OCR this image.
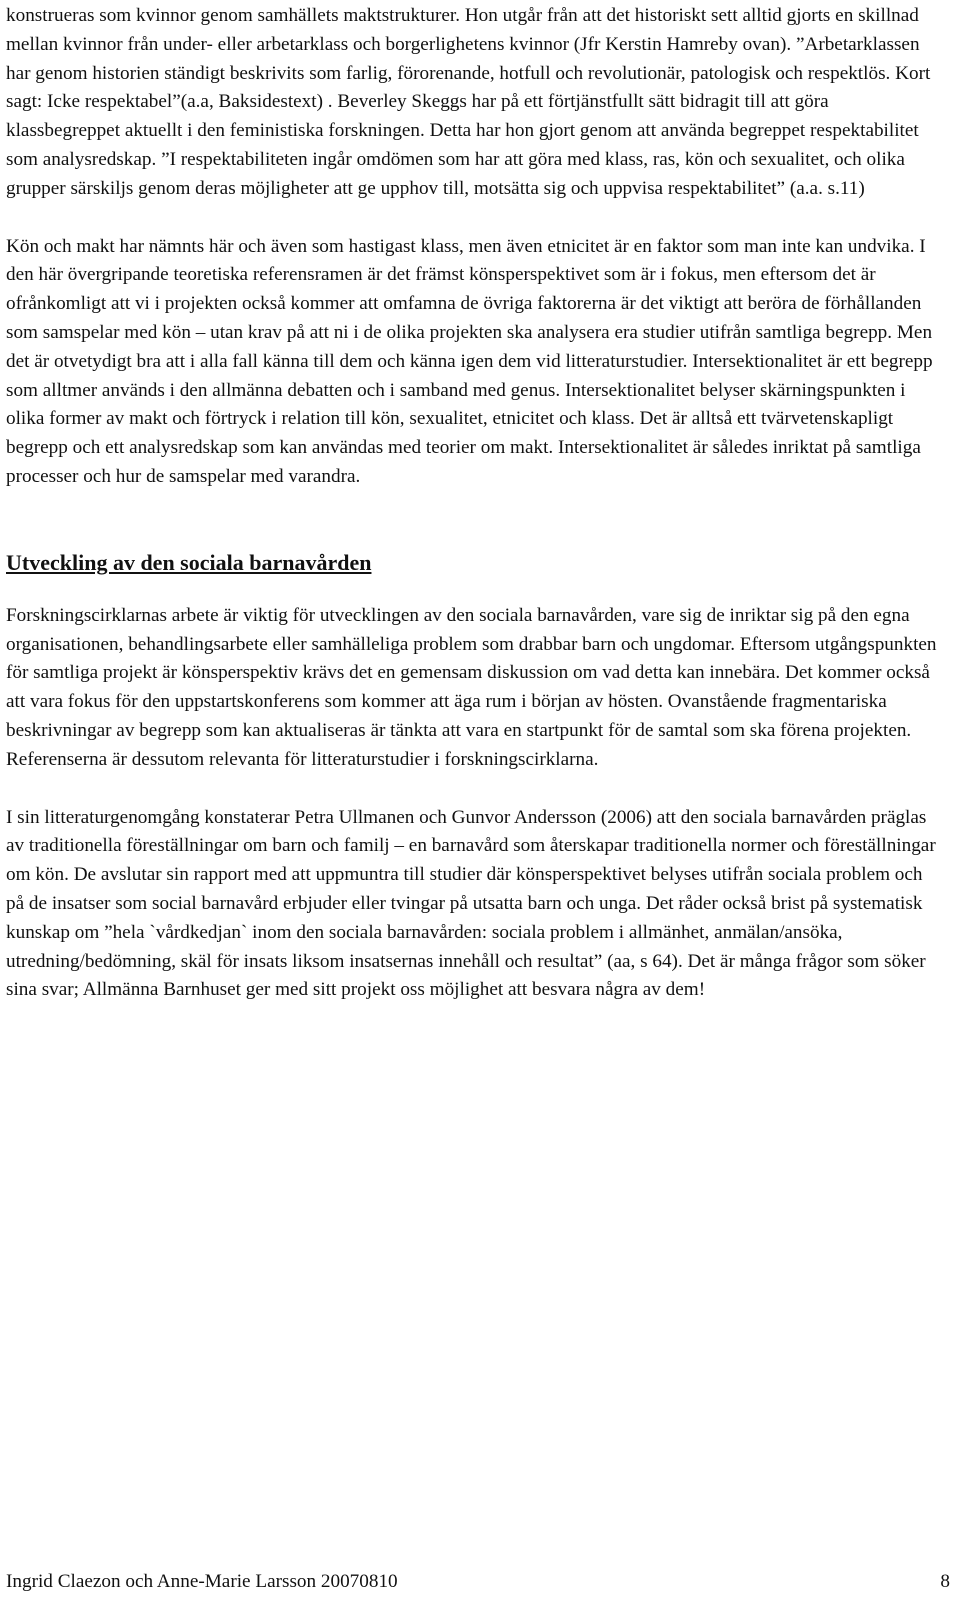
konstrueras som kvinnor genom samhällets maktstrukturer. Hon utgår från att det historiskt sett alltid gjorts en skillnad mellan kvinnor från under- eller arbetarklass och borgerlighetens kvinnor (Jfr Kerstin Hamreby ovan). ”Arbetarklassen har genom historien ständigt beskrivits som farlig, förorenande, hotfull och revolutionär, patologisk och respektlös. Kort sagt: Icke respektabel”(a.a, Baksidestext) . Beverley Skeggs har på ett förtjänstfullt sätt bidragit till att göra klassbegreppet aktuellt i den feministiska forskningen. Detta har hon gjort genom att använda begreppet respektabilitet som analysredskap. ”I respektabiliteten ingår omdömen som har att göra med klass, ras, kön och sexualitet, och olika grupper särskiljs genom deras möjligheter att ge upphov till, motsätta sig och uppvisa respektabilitet” (a.a. s.11)

Kön och makt har nämnts här och även som hastigast klass, men även etnicitet är en faktor som man inte kan undvika. I den här övergripande teoretiska referensramen är det främst könsperspektivet som är i fokus, men eftersom det är ofrånkomligt att vi i projekten också kommer att omfamna de övriga faktorerna är det viktigt att beröra de förhållanden som samspelar med kön – utan krav på att ni i de olika projekten ska analysera era studier utifrån samtliga begrepp. Men det är otvetydigt bra att i alla fall känna till dem och känna igen dem vid litteraturstudier. Intersektionalitet är ett begrepp som alltmer används i den allmänna debatten och i samband med genus. Intersektionalitet belyser skärningspunkten i olika former av makt och förtryck i relation till kön, sexualitet, etnicitet och klass. Det är alltså ett tvärvetenskapligt begrepp och ett analysredskap som kan användas med teorier om makt. Intersektionalitet är således inriktat på samtliga processer och hur de samspelar med varandra.

Utveckling av den sociala barnavården

Forskningscirklarnas arbete är viktig för utvecklingen av den sociala barnavården, vare sig de inriktar sig på den egna organisationen, behandlingsarbete eller samhälleliga problem som drabbar barn och ungdomar. Eftersom utgångspunkten för samtliga projekt är könsperspektiv krävs det en gemensam diskussion om vad detta kan innebära. Det kommer också att vara fokus för den uppstartskonferens som kommer att äga rum i början av hösten. Ovanstående fragmentariska beskrivningar av begrepp som kan aktualiseras är tänkta att vara en startpunkt för de samtal som ska förena projekten. Referenserna är dessutom relevanta för litteraturstudier i forskningscirklarna.

I sin litteraturgenomgång konstaterar Petra Ullmanen och Gunvor Andersson (2006) att den sociala barnavården präglas av traditionella föreställningar om barn och familj – en barnavård som återskapar traditionella normer och föreställningar om kön. De avslutar sin rapport med att uppmuntra till studier där könsperspektivet belyses utifrån sociala problem och på de insatser som social barnavård erbjuder eller tvingar på utsatta barn och unga. Det råder också brist på systematisk kunskap om ”hela `vårdkedjan` inom den sociala barnavården: sociala problem i allmänhet, anmälan/ansöka, utredning/bedömning, skäl för insats liksom insatsernas innehåll och resultat” (aa, s 64). Det är många frågor som söker sina svar; Allmänna Barnhuset ger med sitt projekt oss möjlighet att besvara några av dem!

Ingrid Claezon och Anne-Marie Larsson 20070810	8
